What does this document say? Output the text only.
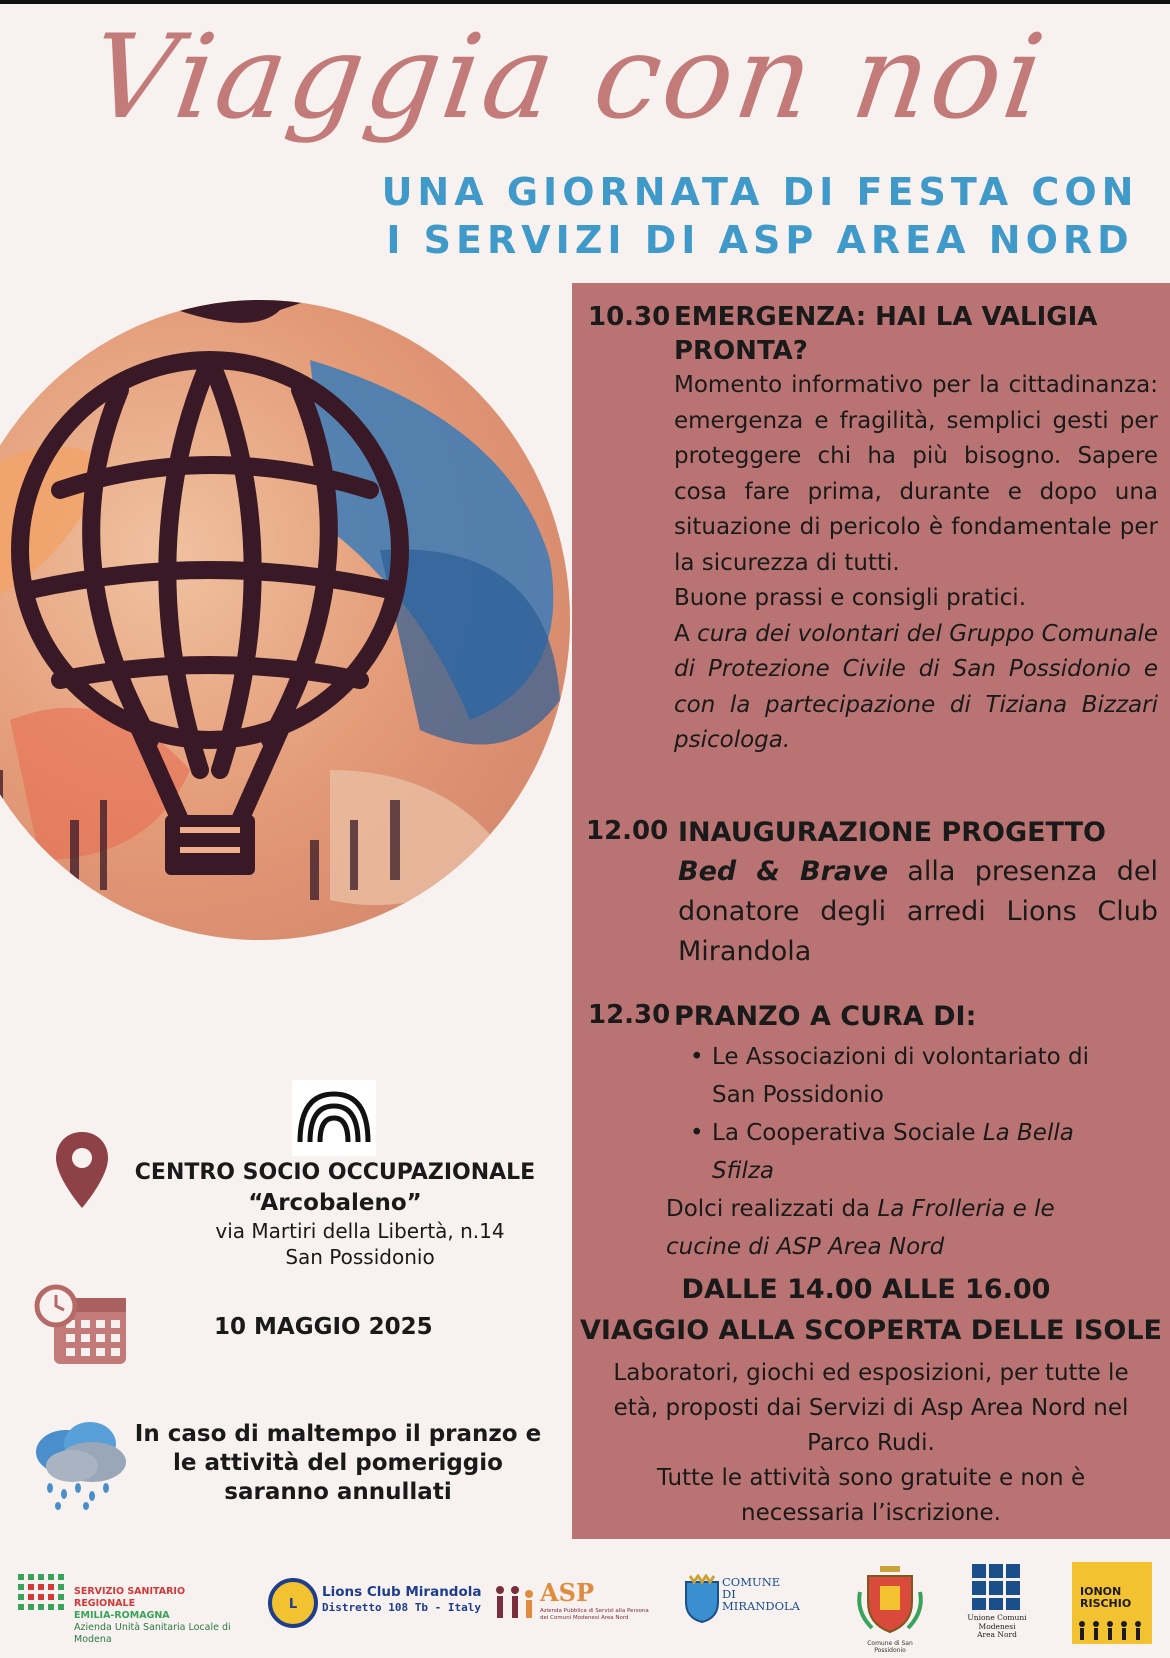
Viaggia con noi
UNA GIORNATA DI FESTA CON
I SERVIZI DI ASP AREA NORD
10.30 EMERGENZA: HAI LA VALIGIA
PRONTA?
Momento informativo per la cittadinanza: emergenza e fragilità, semplici gesti per proteggere chi ha più bisogno. Sapere cosa fare prima, durante e dopo una situazione di pericolo è fondamentale per la sicurezza di tutti.
Buone prassi e consigli pratici.
A cura dei volontari del Gruppo Comunale di Protezione Civile di San Possidonio e con la partecipazione di Tiziana Bizzari psicologa.
12.00 INAUGURAZIONE PROGETTO
Bed & Brave alla presenza del donatore degli arredi Lions Club Mirandola
12.30 PRANZO A CURA DI:
• Le Associazioni di volontariato di San Possidonio
• La Cooperativa Sociale La Bella Sfilza
Dolci realizzati da La Frolleria e le cucine di ASP Area Nord
DALLE 14.00 ALLE 16.00
VIAGGIO ALLA SCOPERTA DELLE ISOLE
Laboratori, giochi ed esposizioni, per tutte le età, proposti dai Servizi di Asp Area Nord nel Parco Rudi.
Tutte le attività sono gratuite e non è necessaria l’iscrizione.
CENTRO SOCIO OCCUPAZIONALE
“Arcobaleno”
via Martiri della Libertà, n.14
San Possidonio
10 MAGGIO 2025
In caso di maltempo il pranzo e
le attività del pomeriggio
saranno annullati
SERVIZIO SANITARIO REGIONALE
EMILIA-ROMAGNA
Azienda Unità Sanitaria Locale di Modena
L
Lions Club Mirandola
Distretto 108 Tb - Italy
ASP
Azienda Pubblica di Servizi alla Persona
dei Comuni Modenesi Area Nord
COMUNE
DI
MIRANDOLA
Comune di San Possidonio
Unione Comuni
Modenesi
Area Nord
IONON
RISCHIO
